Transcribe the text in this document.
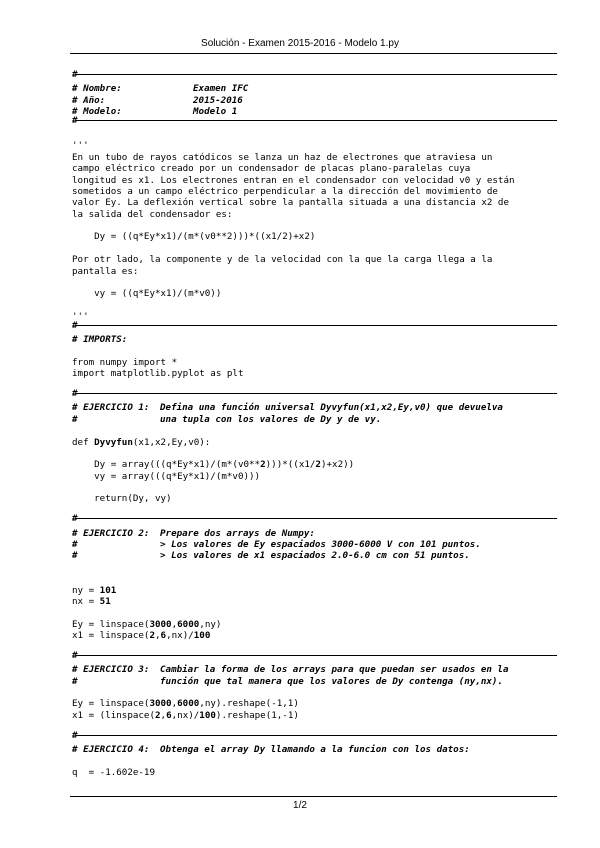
Solución - Examen 2015-2016 - Modelo 1.py
#
# Nombre:	Examen IFC
# Año:	2015-2016
# Modelo:	Modelo 1
#
'''
En un tubo de rayos catódicos se lanza un haz de electrones que atraviesa un
campo eléctrico creado por un condensador de placas plano-paralelas cuya
longitud es x1. Los electrones entran en el condensador con velocidad v0 y están
sometidos a un campo eléctrico perpendicular a la dirección del movimiento de
valor Ey. La deflexión vertical sobre la pantalla situada a una distancia x2 de
la salida del condensador es:
Dy = ((q*Ey*x1)/(m*(v0**2)))*((x1/2)+x2)
Por otr lado, la componente y de la velocidad con la que la carga llega a la
pantalla es:
vy = ((q*Ey*x1)/(m*v0))
'''
#
# IMPORTS:
from numpy import *
import matplotlib.pyplot as plt
#
# EJERCICIO 1: Defina una función universal Dyvyfun(x1,x2,Ey,v0) que devuelva
#	una tupla con los valores de Dy y de vy.
def Dyvyfun(x1,x2,Ey,v0):
Dy = array(((q*Ey*x1)/(m*(v0**2)))*((x1/2)+x2))
vy = array(((q*Ey*x1)/(m*v0)))
return(Dy, vy)
#
# EJERCICIO 2: Prepare dos arrays de Numpy:
#	> Los valores de Ey espaciados 3000-6000 V con 101 puntos.
#	> Los valores de x1 espaciados 2.0-6.0 cm con 51 puntos.
ny = 101
nx = 51
Ey = linspace(3000,6000,ny)
x1 = linspace(2,6,nx)/100
#
# EJERCICIO 3: Cambiar la forma de los arrays para que puedan ser usados en la
#	función que tal manera que los valores de Dy contenga (ny,nx).
Ey = linspace(3000,6000,ny).reshape(-1,1)
x1 = (linspace(2,6,nx)/100).reshape(1,-1)
#
# EJERCICIO 4: Obtenga el array Dy llamando a la funcion con los datos:
q  = -1.602e-19
1/2
